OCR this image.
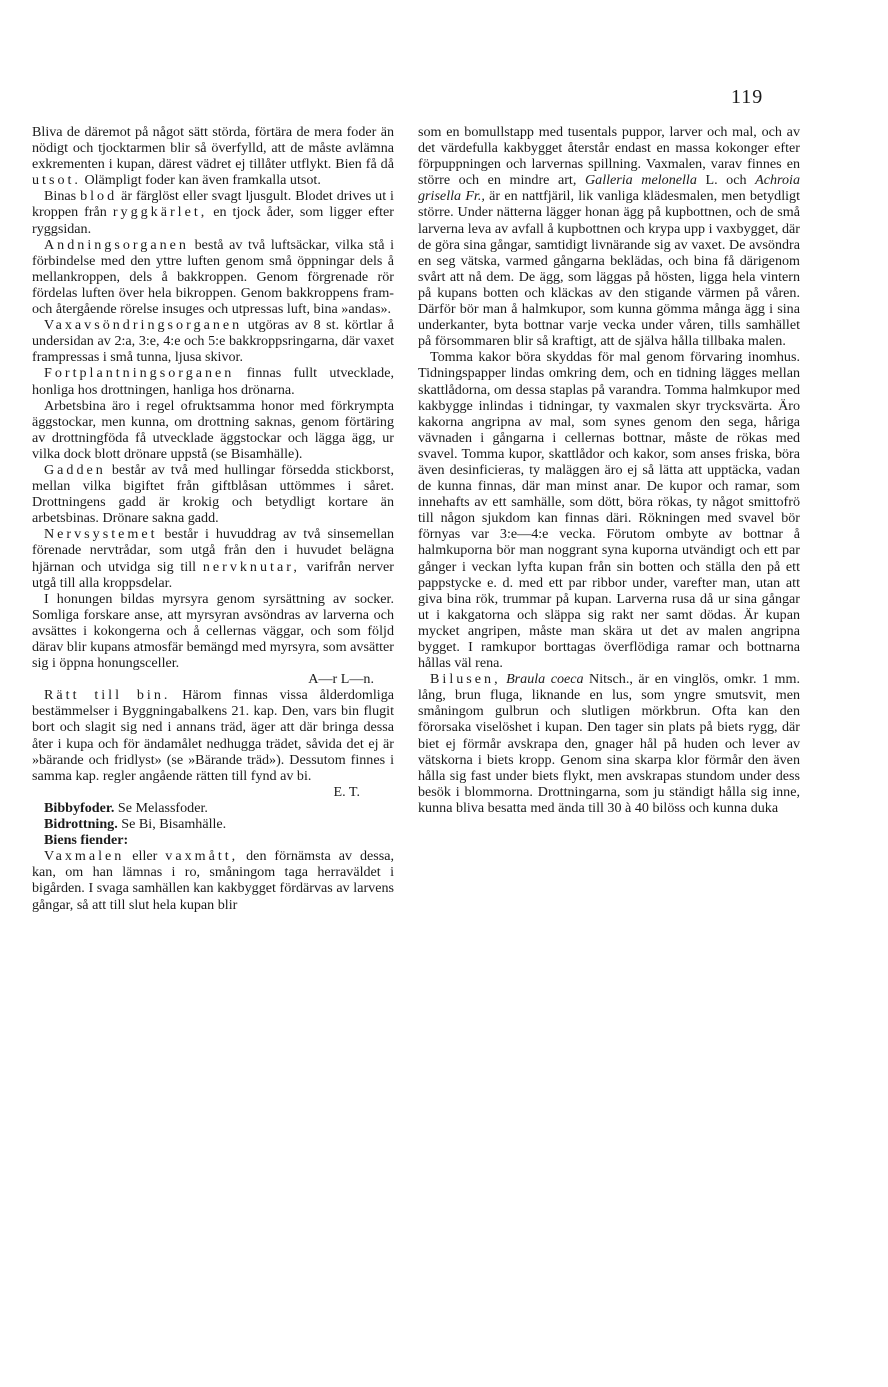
119

Bliva de däremot på något sätt störda, förtära de mera foder än nödigt och tjocktarmen blir så överfylld, att de måste avlämna exkrementen i kupan, därest vädret ej tillåter utflykt. Bien få då utsot. Olämpligt foder kan även framkalla utsot.

Binas blod är färglöst eller svagt ljusgult. Blodet drives ut i kroppen från ryggkärlet, en tjock åder, som ligger efter ryggsidan.

Andningsorganen bestå av två luftsäckar, vilka stå i förbindelse med den yttre luften genom små öppningar dels å mellankroppen, dels å bakkroppen. Genom förgrenade rör fördelas luften över hela bikroppen. Genom bakkroppens fram- och återgående rörelse insuges och utpressas luft, bina »andas».

Vaxavsöndringsorganen utgöras av 8 st. körtlar å undersidan av 2:a, 3:e, 4:e och 5:e bakkroppsringarna, där vaxet frampressas i små tunna, ljusa skivor.

Fortplantningsorganen finnas fullt utvecklade, honliga hos drottningen, hanliga hos drönarna.

Arbetsbina äro i regel ofruktsamma honor med förkrympta äggstockar, men kunna, om drottning saknas, genom förtäring av drottningföda få utvecklade äggstockar och lägga ägg, ur vilka dock blott drönare uppstå (se Bisamhälle).

Gadden består av två med hullingar försedda stickborst, mellan vilka bigiftet från giftblåsan uttömmes i såret. Drottningens gadd är krokig och betydligt kortare än arbetsbinas. Drönare sakna gadd.

Nervsystemet består i huvuddrag av två sinsemellan förenade nervtrådar, som utgå från den i huvudet belägna hjärnan och utvidga sig till nervknutar, varifrån nerver utgå till alla kroppsdelar.

I honungen bildas myrsyra genom syrsättning av socker. Somliga forskare anse, att myrsyran avsöndras av larverna och avsättes i kokongerna och å cellernas väggar, och som följd därav blir kupans atmosfär bemängd med myrsyra, som avsätter sig i öppna honungsceller.

A—r L—n.

Rätt till bin. Härom finnas vissa ålderdomliga bestämmelser i Byggningabalkens 21. kap. Den, vars bin flugit bort och slagit sig ned i annans träd, äger att där bringa dessa åter i kupa och för ändamålet nedhugga trädet, såvida det ej är »bärande och fridlyst» (se »Bärande träd»). Dessutom finnes i samma kap. regler angående rätten till fynd av bi.

E. T.

Bibbyfoder. Se Melassfoder.

Bidrottning. Se Bi, Bisamhälle.

Biens fiender:

Vaxmalen eller vaxmått, den förnämsta av dessa, kan, om han lämnas i ro, småningom taga herraväldet i bigården. I svaga samhällen kan kakbygget fördärvas av larvens gångar, så att till slut hela kupan blir

som en bomullstapp med tusentals puppor, larver och mal, och av det värdefulla kakbygget återstår endast en massa kokonger efter förpuppningen och larvernas spillning. Vaxmalen, varav finnes en större och en mindre art, Galleria melonella L. och Achroia grisella Fr., är en nattfjäril, lik vanliga klädesmalen, men betydligt större. Under nätterna lägger honan ägg på kupbottnen, och de små larverna leva av avfall å kupbottnen och krypa upp i vaxbygget, där de göra sina gångar, samtidigt livnärande sig av vaxet. De avsöndra en seg vätska, varmed gångarna beklädas, och bina få därigenom svårt att nå dem. De ägg, som läggas på hösten, ligga hela vintern på kupans botten och kläckas av den stigande värmen på våren. Därför bör man å halmkupor, som kunna gömma många ägg i sina underkanter, byta bottnar varje vecka under våren, tills samhället på försommaren blir så kraftigt, att de själva hålla tillbaka malen.

Tomma kakor böra skyddas för mal genom förvaring inomhus. Tidningspapper lindas omkring dem, och en tidning lägges mellan skattlådorna, om dessa staplas på varandra. Tomma halmkupor med kakbygge inlindas i tidningar, ty vaxmalen skyr trycksvärta. Äro kakorna angripna av mal, som synes genom den sega, håriga vävnaden i gångarna i cellernas bottnar, måste de rökas med svavel. Tomma kupor, skattlådor och kakor, som anses friska, böra även desinficieras, ty maläggen äro ej så lätta att upptäcka, vadan de kunna finnas, där man minst anar. De kupor och ramar, som innehafts av ett samhälle, som dött, böra rökas, ty något smittofrö till någon sjukdom kan finnas däri. Rökningen med svavel bör förnyas var 3:e—4:e vecka. Förutom ombyte av bottnar å halmkuporna bör man noggrant syna kuporna utvändigt och ett par gånger i veckan lyfta kupan från sin botten och ställa den på ett pappstycke e. d. med ett par ribbor under, varefter man, utan att giva bina rök, trummar på kupan. Larverna rusa då ur sina gångar ut i kakgatorna och släppa sig rakt ner samt dödas. Är kupan mycket angripen, måste man skära ut det av malen angripna bygget. I ramkupor borttagas överflödiga ramar och bottnarna hållas väl rena.

Bilusen, Braula coeca Nitsch., är en vinglös, omkr. 1 mm. lång, brun fluga, liknande en lus, som yngre smutsvit, men småningom gulbrun och slutligen mörkbrun. Ofta kan den förorsaka viselöshet i kupan. Den tager sin plats på biets rygg, där biet ej förmår avskrapa den, gnager hål på huden och lever av vätskorna i biets kropp. Genom sina skarpa klor förmår den även hålla sig fast under biets flykt, men avskrapas stundom under dess besök i blommorna. Drottningarna, som ju ständigt hålla sig inne, kunna bliva besatta med ända till 30 à 40 bilöss och kunna duka
